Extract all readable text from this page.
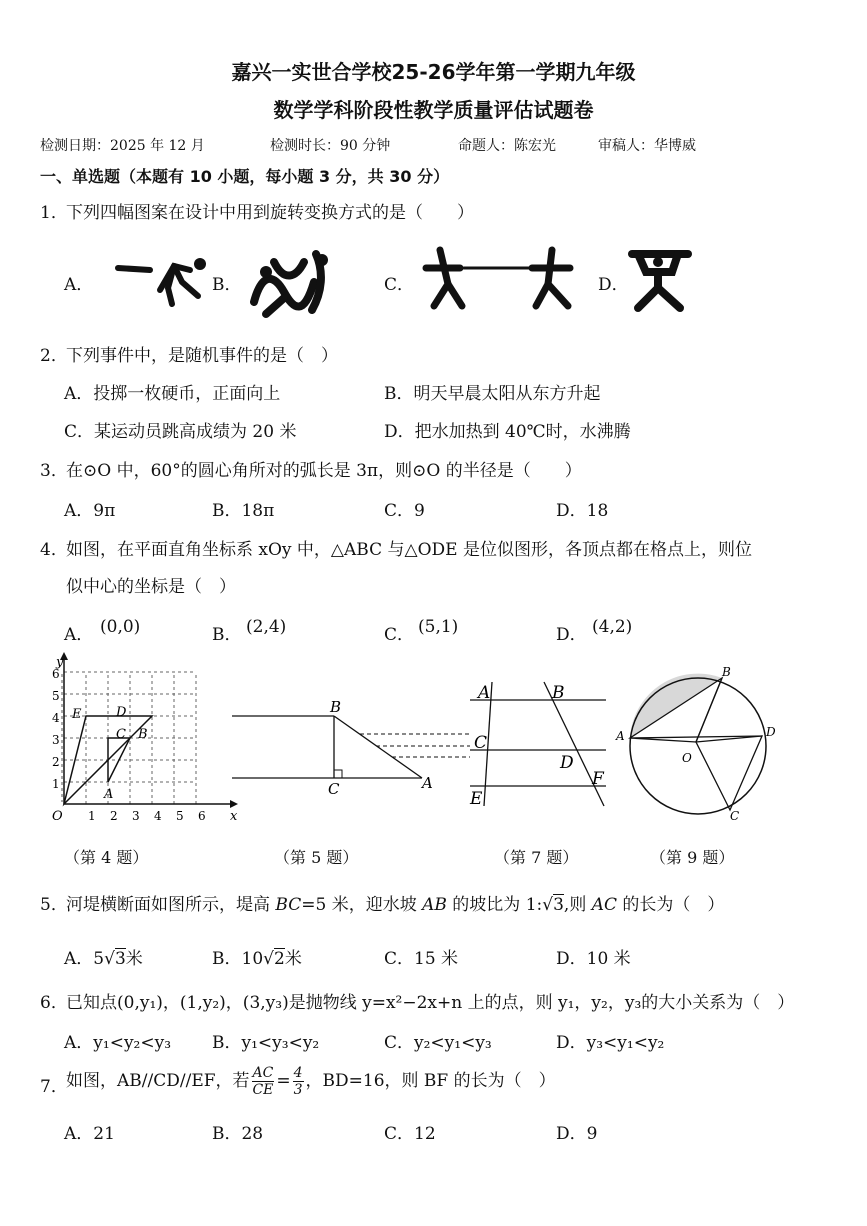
嘉兴一实世合学校25-26学年第一学期九年级
数学学科阶段性教学质量评估试题卷
检测日期：2025 年 12 月	检测时长：90 分钟	命题人：陈宏光	审稿人：华博威
一、单选题（本题有 10 小题，每小题 3 分，共 30 分）
1．
下列四幅图案在设计中用到旋转变换方式的是（　　）
A．	B．	C．	D．
2．
下列事件中，是随机事件的是（　）
A．投掷一枚硬币，正面向上	B．明天早晨太阳从东方升起
C．某运动员跳高成绩为 20 米	D．把水加热到 40℃时，水沸腾
3．
在⊙O 中，60°的圆心角所对的弧长是 3π，则⊙O 的半径是（　　）
A．9π	B．18π	C．9	D．18
4．
如图，在平面直角坐标系 xOy 中，△ABC 与△ODE 是位似图形，各顶点都在格点上，则位
似中心的坐标是（　）
A． (0,0)	B． (2,4)	C． (5,1)	D． (4,2)
y
x
O 1 2 3 4 5 6
1
2
3
4
5
6
E	D
C B
A
B
C	A
A	B
C
D
E
F
A
B
C
D
O
（第 4 题）	（第 5 题）	（第 7 题）	（第 9 题）
5．
河堤横断面如图所示，堤高 BC=5 米，迎水坡 AB 的坡比为 1:√3,则 AC 的长为（　）
A．5√3米	B．10√2米	C．15 米	D．10 米
6．
已知点(0,y₁)，(1,y₂)，(3,y₃)是抛物线 y=x²−2x+n 上的点，则 y₁，y₂，y₃的大小关系为（　）
A．y₁<y₂<y₃ B．y₁<y₃<y₂	C．y₂<y₁<y₃	D．y₃<y₁<y₂
7．
如图，AB//CD//EF，若 $\frac{AC}{CE} = \frac{4}{3}$ ，BD=16，则 BF 的长为（　）
A．21	B．28	C．12	D．9
